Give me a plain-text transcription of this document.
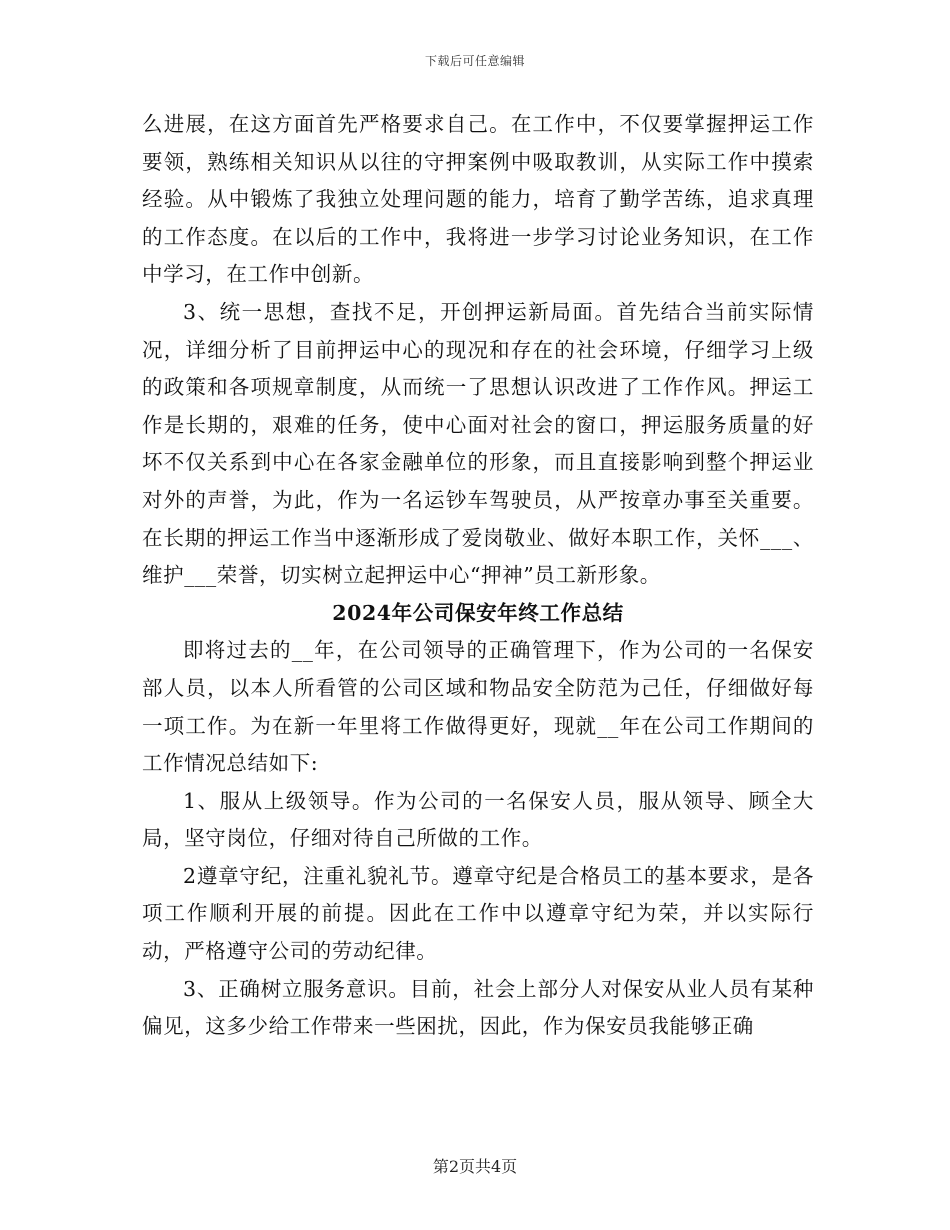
下载后可任意编辑

么进展，在这方面首先严格要求自己。在工作中，不仅要掌握押运工作要领，熟练相关知识从以往的守押案例中吸取教训，从实际工作中摸索经验。从中锻炼了我独立处理问题的能力，培育了勤学苦练，追求真理的工作态度。在以后的工作中，我将进一步学习讨论业务知识，在工作中学习，在工作中创新。

3、统一思想，查找不足，开创押运新局面。首先结合当前实际情况，详细分析了目前押运中心的现况和存在的社会环境，仔细学习上级的政策和各项规章制度，从而统一了思想认识改进了工作作风。押运工作是长期的，艰难的任务，使中心面对社会的窗口，押运服务质量的好坏不仅关系到中心在各家金融单位的形象，而且直接影响到整个押运业对外的声誉，为此，作为一名运钞车驾驶员，从严按章办事至关重要。在长期的押运工作当中逐渐形成了爱岗敬业、做好本职工作，关怀___、维护___荣誉，切实树立起押运中心“押神”员工新形象。

2024年公司保安年终工作总结

即将过去的__年，在公司领导的正确管理下，作为公司的一名保安部人员，以本人所看管的公司区域和物品安全防范为己任，仔细做好每一项工作。为在新一年里将工作做得更好，现就__年在公司工作期间的工作情况总结如下:

1、服从上级领导。作为公司的一名保安人员，服从领导、顾全大局，坚守岗位，仔细对待自己所做的工作。

2遵章守纪，注重礼貌礼节。遵章守纪是合格员工的基本要求，是各项工作顺利开展的前提。因此在工作中以遵章守纪为荣，并以实际行动，严格遵守公司的劳动纪律。

3、正确树立服务意识。目前，社会上部分人对保安从业人员有某种偏见，这多少给工作带来一些困扰，因此，作为保安员我能够正确

第2页共4页
